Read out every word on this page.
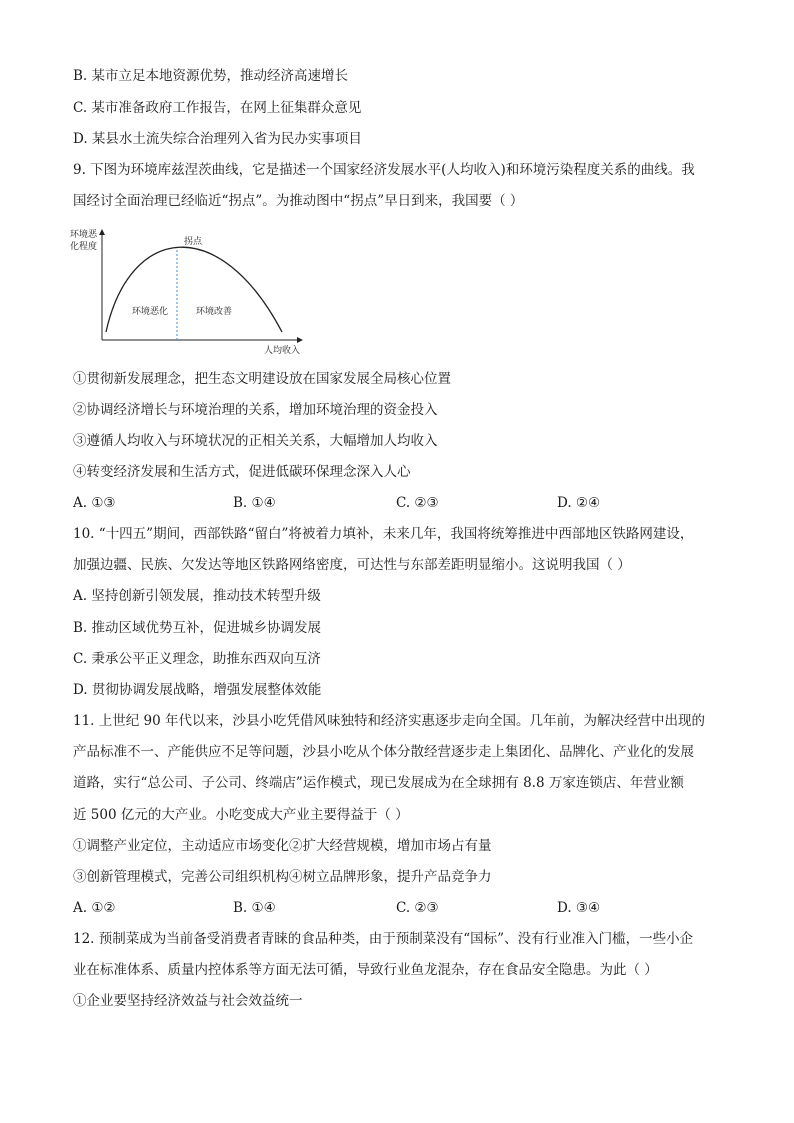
B. 某市立足本地资源优势，推动经济高速增长
C. 某市准备政府工作报告，在网上征集群众意见
D. 某县水土流失综合治理列入省为民办实事项目
9. 下图为环境库兹涅茨曲线，它是描述一个国家经济发展水平(人均收入)和环境污染程度关系的曲线。我
国经讨全面治理已经临近“拐点”。为推动图中“拐点”早日到来，我国要（ ）
环境恶
化程度	拐点
环境恶化	环境改善
人均收入
①贯彻新发展理念，把生态文明建设放在国家发展全局核心位置
②协调经济增长与环境治理的关系，增加环境治理的资金投入
③遵循人均收入与环境状况的正相关关系，大幅增加人均收入
④转变经济发展和生活方式，促进低碳环保理念深入人心
A. ①③	B. ①④	C. ②③	D. ②④
10. “十四五”期间，西部铁路“留白”将被着力填补，未来几年，我国将统筹推进中西部地区铁路网建设，
加强边疆、民族、欠发达等地区铁路网络密度，可达性与东部差距明显缩小。这说明我国（ ）
A. 坚持创新引领发展，推动技术转型升级
B. 推动区域优势互补，促进城乡协调发展
C. 秉承公平正义理念，助推东西双向互济
D. 贯彻协调发展战略，增强发展整体效能
11. 上世纪 90 年代以来，沙县小吃凭借风味独特和经济实惠逐步走向全国。几年前，为解决经营中出现的
产品标准不一、产能供应不足等问题，沙县小吃从个体分散经营逐步走上集团化、品牌化、产业化的发展
道路，实行“总公司、子公司、终端店”运作模式，现已发展成为在全球拥有 8.8 万家连锁店、年营业额
近 500 亿元的大产业。小吃变成大产业主要得益于（ ）
①调整产业定位，主动适应市场变化②扩大经营规模，增加市场占有量
③创新管理模式，完善公司组织机构④树立品牌形象，提升产品竞争力
A. ①②	B. ①④	C. ②③	D. ③④
12. 预制菜成为当前备受消费者青睐的食品种类，由于预制菜没有“国标”、没有行业准入门槛，一些小企
业在标准体系、质量内控体系等方面无法可循，导致行业鱼龙混杂，存在食品安全隐患。为此（ ）
①企业要坚持经济效益与社会效益统一
